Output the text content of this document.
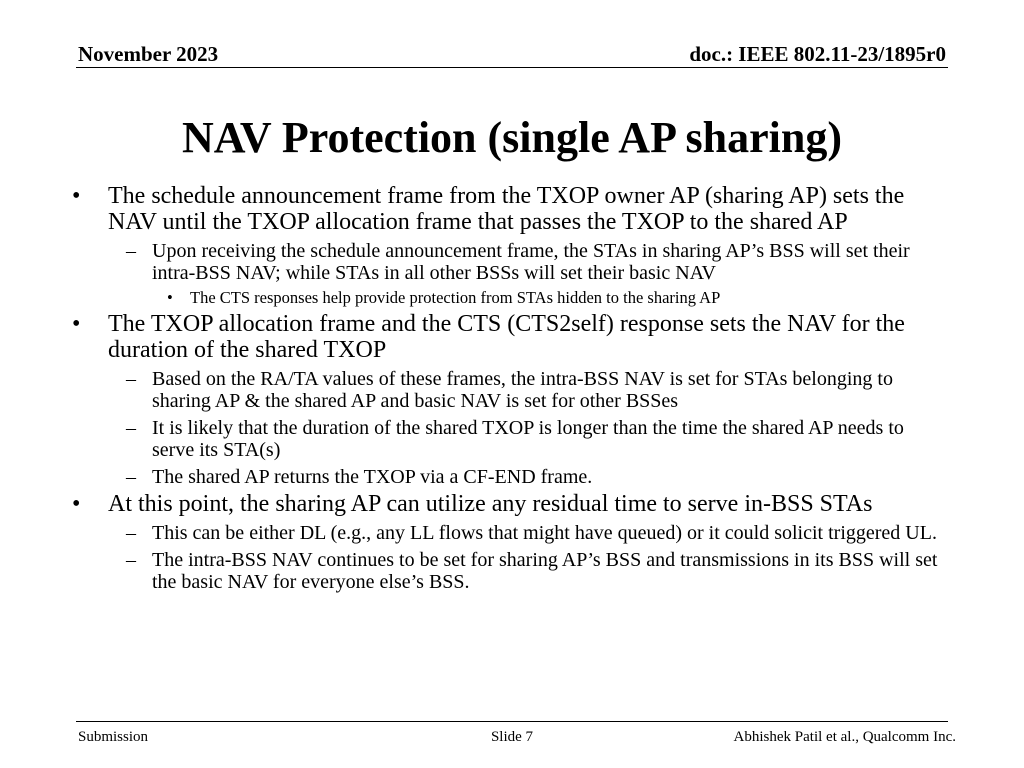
November 2023	doc.: IEEE 802.11-23/1895r0
NAV Protection (single AP sharing)
• The schedule announcement frame from the TXOP owner AP (sharing AP) sets the NAV until the TXOP allocation frame that passes the TXOP to the shared AP
– Upon receiving the schedule announcement frame, the STAs in sharing AP’s BSS will set their intra-BSS NAV; while STAs in all other BSSs will set their basic NAV
• The CTS responses help provide protection from STAs hidden to the sharing AP
• The TXOP allocation frame and the CTS (CTS2self) response sets the NAV for the duration of the shared TXOP
– Based on the RA/TA values of these frames, the intra-BSS NAV is set for STAs belonging to sharing AP & the shared AP and basic NAV is set for other BSSes
– It is likely that the duration of the shared TXOP is longer than the time the shared AP needs to serve its STA(s)
– The shared AP returns the TXOP via a CF-END frame.
• At this point, the sharing AP can utilize any residual time to serve in-BSS STAs
– This can be either DL (e.g., any LL flows that might have queued) or it could solicit triggered UL.
– The intra-BSS NAV continues to be set for sharing AP’s BSS and transmissions in its BSS will set the basic NAV for everyone else’s BSS.
Submission	Slide 7	Abhishek Patil et al., Qualcomm Inc.
